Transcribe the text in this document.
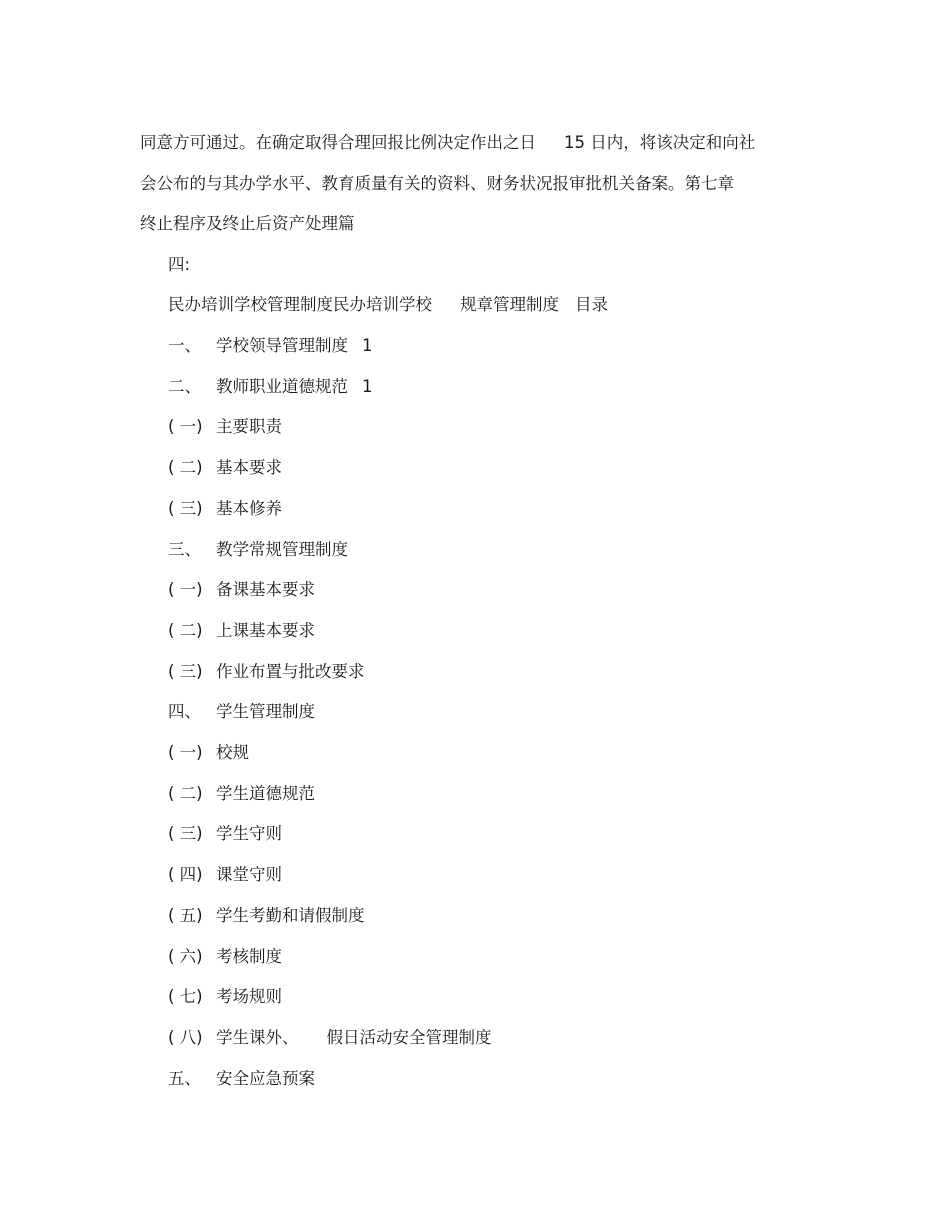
同意方可通过。在确定取得合理回报比例决定作出之日 15 日内，将该决定和向社
会公布的与其办学水平、教育质量有关的资料、财务状况报审批机关备案。第七章
终止程序及终止后资产处理篇
四:
民办培训学校管理制度民办培训学校 规章管理制度 目录
一、 学校领导管理制度 1
二、 教师职业道德规范 1
( 一) 主要职责
( 二) 基本要求
( 三) 基本修养
三、 教学常规管理制度
( 一) 备课基本要求
( 二) 上课基本要求
( 三) 作业布置与批改要求
四、 学生管理制度
( 一) 校规
( 二) 学生道德规范
( 三) 学生守则
( 四) 课堂守则
( 五) 学生考勤和请假制度
( 六) 考核制度
( 七) 考场规则
( 八) 学生课外、 假日活动安全管理制度
五、 安全应急预案
